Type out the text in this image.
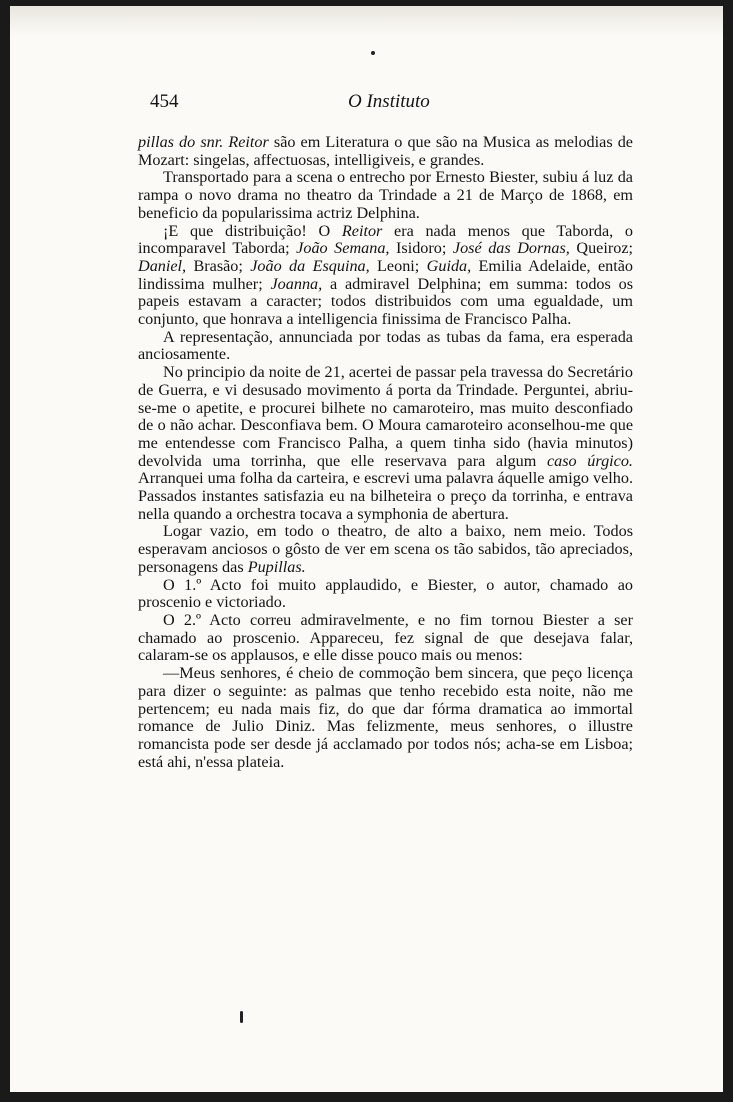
454	O Instituto

pillas do snr. Reitor são em Literatura o que são na Musica as melodias de Mozart: singelas, affectuosas, intelligiveis, e grandes.

Transportado para a scena o entrecho por Ernesto Biester, subiu á luz da rampa o novo drama no theatro da Trindade a 21 de Março de 1868, em beneficio da popularissima actriz Delphina.

¡E que distribuição! O Reitor era nada menos que Taborda, o incomparavel Taborda; João Semana, Isidoro; José das Dornas, Queiroz; Daniel, Brasão; João da Esquina, Leoni; Guida, Emilia Adelaide, então lindissima mulher; Joanna, a admiravel Delphina; em summa: todos os papeis estavam a caracter; todos distribuidos com uma egualdade, um conjunto, que honrava a intelligencia finissima de Francisco Palha.

A representação, annunciada por todas as tubas da fama, era esperada anciosamente.

No principio da noite de 21, acertei de passar pela travessa do Secretário de Guerra, e vi desusado movimento á porta da Trindade. Perguntei, abriu-se-me o apetite, e procurei bilhete no camaroteiro, mas muito desconfiado de o não achar. Desconfiava bem. O Moura camaroteiro aconselhou-me que me entendesse com Francisco Palha, a quem tinha sido (havia minutos) devolvida uma torrinha, que elle reservava para algum caso úrgico. Arranquei uma folha da carteira, e escrevi uma palavra áquelle amigo velho. Passados instantes satisfazia eu na bilheteira o preço da torrinha, e entrava nella quando a orchestra tocava a symphonia de abertura.

Logar vazio, em todo o theatro, de alto a baixo, nem meio. Todos esperavam anciosos o gôsto de ver em scena os tão sabidos, tão apreciados, personagens das Pupillas.

O 1.º Acto foi muito applaudido, e Biester, o autor, chamado ao proscenio e victoriado.

O 2.º Acto correu admiravelmente, e no fim tornou Biester a ser chamado ao proscenio. Appareceu, fez signal de que desejava falar, calaram-se os applausos, e elle disse pouco mais ou menos:

—Meus senhores, é cheio de commoção bem sincera, que peço licença para dizer o seguinte: as palmas que tenho recebido esta noite, não me pertencem; eu nada mais fiz, do que dar fórma dramatica ao immortal romance de Julio Diniz. Mas felizmente, meus senhores, o illustre romancista pode ser desde já acclamado por todos nós; acha-se em Lisboa; está ahi, n'essa plateia.
